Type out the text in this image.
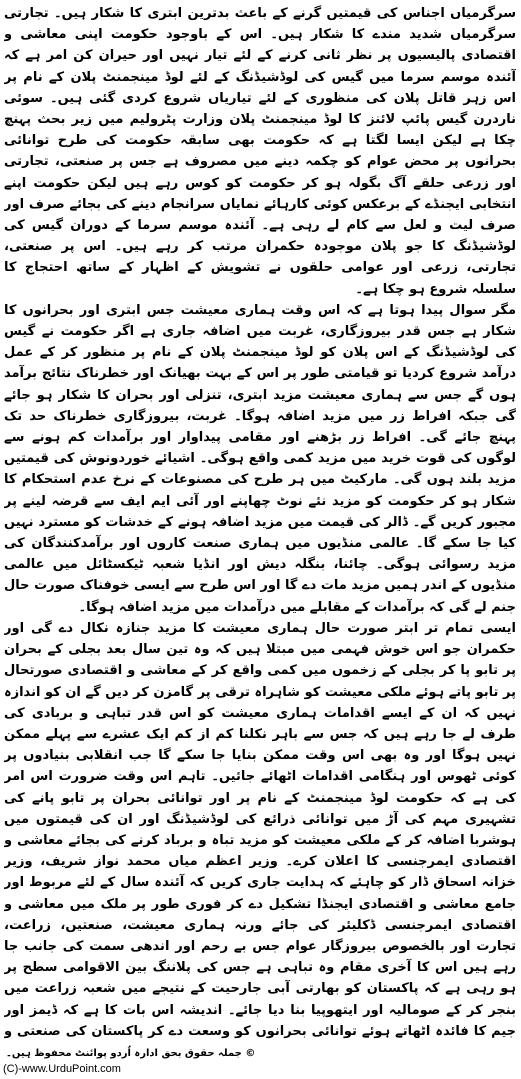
سرگرمیاں اجناس کی قیمتیں گرنے کے باعث بدترین ابتری کا شکار ہیں۔ تجارتی سرگرمیاں شدید مندے کا شکار ہیں۔ اس کے باوجود حکومت اپنی معاشی و اقتصادی پالیسیوں پر نظر ثانی کرنے کے لئے تیار نہیں اور حیران کن امر ہے کہ آئندہ موسم سرما میں گیس کی لوڈشیڈنگ کے لئے لوڈ مینجمنٹ پلان کے نام پر اس زہر قاتل پلان کی منظوری کے لئے تیاریاں شروع کردی گئی ہیں۔ سوئی ناردرن گیس پائپ لائنز کا لوڈ مینجمنٹ پلان وزارت پٹرولیم میں زیر بحث پہنچ چکا ہے لیکن ایسا لگتا ہے کہ حکومت بھی سابقہ حکومت کی طرح توانائی بحرانوں پر محض عوام کو چکمہ دینے میں مصروف ہے جس پر صنعتی، تجارتی اور زرعی حلقے آگ بگولہ ہو کر حکومت کو کوس رہے ہیں لیکن حکومت اپنے انتخابی ایجنڈے کے برعکس کوئی کارہائے نمایاں سرانجام دینے کی بجائے صرف اور صرف لیت و لعل سے کام لے رہی ہے۔ آئندہ موسم سرما کے دوران گیس کی لوڈشیڈنگ کا جو پلان موجودہ حکمران مرتب کر رہے ہیں۔ اس پر صنعتی، تجارتی، زرعی اور عوامی حلقوں نے تشویش کے اظہار کے ساتھ احتجاج کا سلسلہ شروع ہو چکا ہے۔

مگر سوال پیدا ہوتا ہے کہ اس وقت ہماری معیشت جس ابتری اور بحرانوں کا شکار ہے جس قدر بیروزگاری، غربت میں اضافہ جاری ہے اگر حکومت نے گیس کی لوڈشیڈنگ کے اس پلان کو لوڈ مینجمنٹ پلان کے نام پر منظور کر کے عمل درآمد شروع کردیا تو قیامتی طور پر اس کے بہت بھیانک اور خطرناک نتائج برآمد ہوں گے جس سے ہماری معیشت مزید ابتری، تنزلی اور بحران کا شکار ہو جائے گی جبکہ افراط زر میں مزید اضافہ ہوگا۔ غربت، بیروزگاری خطرناک حد تک پہنچ جائے گی۔ افراط زر بڑھنے اور مقامی پیداوار اور برآمدات کم ہونے سے لوگوں کی قوت خرید میں مزید کمی واقع ہوگی۔ اشیائے خوردونوش کی قیمتیں مزید بلند ہوں گی۔ مارکیٹ میں ہر طرح کی مصنوعات کے نرخ عدم استحکام کا شکار ہو کر حکومت کو مزید نئے نوٹ چھاپنے اور آئی ایم ایف سے قرضہ لینے پر مجبور کریں گے۔ ڈالر کی قیمت میں مزید اضافہ ہونے کے خدشات کو مسترد نہیں کیا جا سکے گا۔ عالمی منڈیوں میں ہماری صنعت کاروں اور برآمدکنندگان کی مزید رسوائی ہوگی۔ چائنا، بنگلہ دیش اور انڈیا شعبہ ٹیکسٹائل میں عالمی منڈیوں کے اندر ہمیں مزید مات دے گا اور اس طرح سے ایسی خوفناک صورت حال جنم لے گی کہ برآمدات کے مقابلے میں درآمدات میں مزید اضافہ ہوگا۔

ایسی تمام تر ابتر صورت حال ہماری معیشت کا مزید جنازہ نکال دے گی اور حکمران جو اس خوش فہمی میں مبتلا ہیں کہ وہ تین سال بعد بجلی کے بحران پر تابو پا کر بجلی کے زخموں میں کمی واقع کر کے معاشی و اقتصادی صورتحال پر تابو پاتے ہوئے ملکی معیشت کو شاہراہ ترقی پر گامزن کر دیں گے ان کو اندازہ نہیں کہ ان کے ایسے اقدامات ہماری معیشت کو اس قدر تباہی و بربادی کی طرف لے جا رہے ہیں کہ جس سے باہر نکلنا کم از کم ایک عشرے سے پہلے ممکن نہیں ہوگا اور وہ بھی اس وقت ممکن بنایا جا سکے گا جب انقلابی بنیادوں پر کوئی ٹھوس اور ہنگامی اقدامات اٹھائے جائیں۔ تاہم اس وقت ضرورت اس امر کی ہے کہ حکومت لوڈ مینجمنٹ کے نام پر اور توانائی بحران پر تابو پانے کی تشہیری مہم کی آڑ میں توانائی ذرائع کی لوڈشیڈنگ اور ان کی قیمتوں میں ہوشربا اضافہ کر کے ملکی معیشت کو مزید تباہ و برباد کرنے کی بجائے معاشی و اقتصادی ایمرجنسی کا اعلان کرے۔ وزیر اعظم میاں محمد نواز شریف، وزیر خزانہ اسحاق ڈار کو چاہئے کہ ہدایت جاری کریں کہ آئندہ سال کے لئے مربوط اور جامع معاشی و اقتصادی ایجنڈا تشکیل دے کر فوری طور پر ملک میں معاشی و اقتصادی ایمرجنسی ڈکلیئر کی جائے ورنہ ہماری معیشت، صنعتیں، زراعت، تجارت اور بالخصوص بیروزگار عوام جس بے رحم اور اندھی سمت کی جانب جا رہے ہیں اس کا آخری مقام وہ تباہی ہے جس کی پلاننگ بین الاقوامی سطح پر ہو رہی ہے کہ پاکستان کو بھارتی آبی جارحیت کے نتیجے میں شعبہ زراعت میں بنجر کر کے صومالیہ اور ایتھوپیا بنا دیا جائے۔ اندیشہ اس بات کا ہے کہ ڈیمز اور جیم کا فائدہ اٹھاتے ہوئے توانائی بحرانوں کو وسعت دے کر پاکستان کی صنعتی و

© جملہ حقوق بحق ادارہ اُردو پوائنٹ محفوظ ہیں۔
(C)-www.UrduPoint.com
